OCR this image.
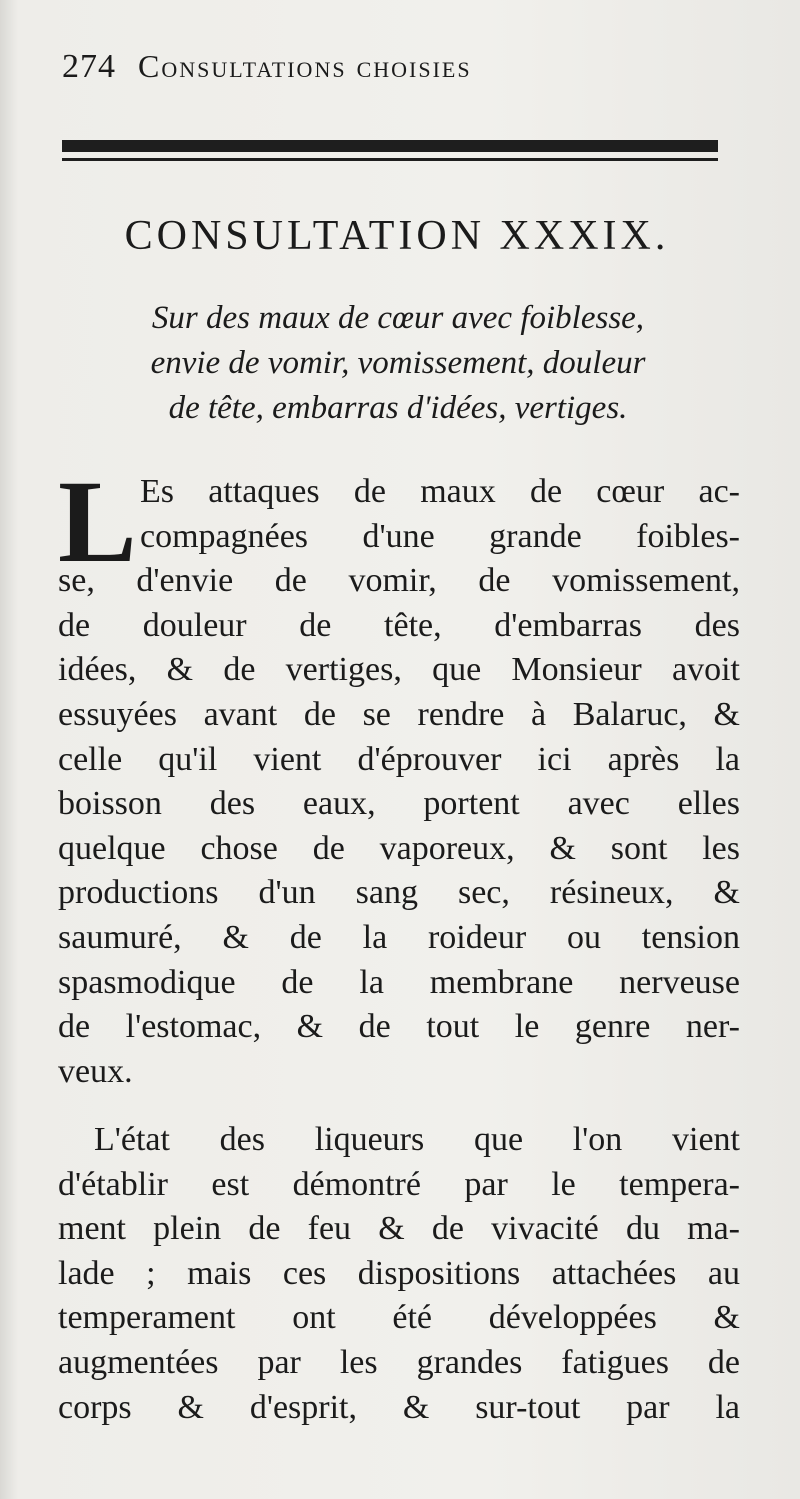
274 Consultations choisies
CONSULTATION XXXIX.
Sur des maux de cœur avec foiblesse,
envie de vomir, vomissement, douleur
de tête, embarras d'idées, vertiges.
L Es attaques de maux de cœur ac-
compagnées d'une grande foibles-
se, d'envie de vomir, de vomissement,
de douleur de tête, d'embarras des
idées, & de vertiges, que Monsieur avoit
essuyées avant de se rendre à Balaruc, &
celle qu'il vient d'éprouver ici après la
boisson des eaux, portent avec elles
quelque chose de vaporeux, & sont les
productions d'un sang sec, résineux, &
saumuré, & de la roideur ou tension
spasmodique de la membrane nerveuse
de l'estomac, & de tout le genre ner-
veux.
L'état des liqueurs que l'on vient
d'établir est démontré par le tempera-
ment plein de feu & de vivacité du ma-
lade ; mais ces dispositions attachées au
temperament ont été développées &
augmentées par les grandes fatigues de
corps & d'esprit, & sur-tout par la
